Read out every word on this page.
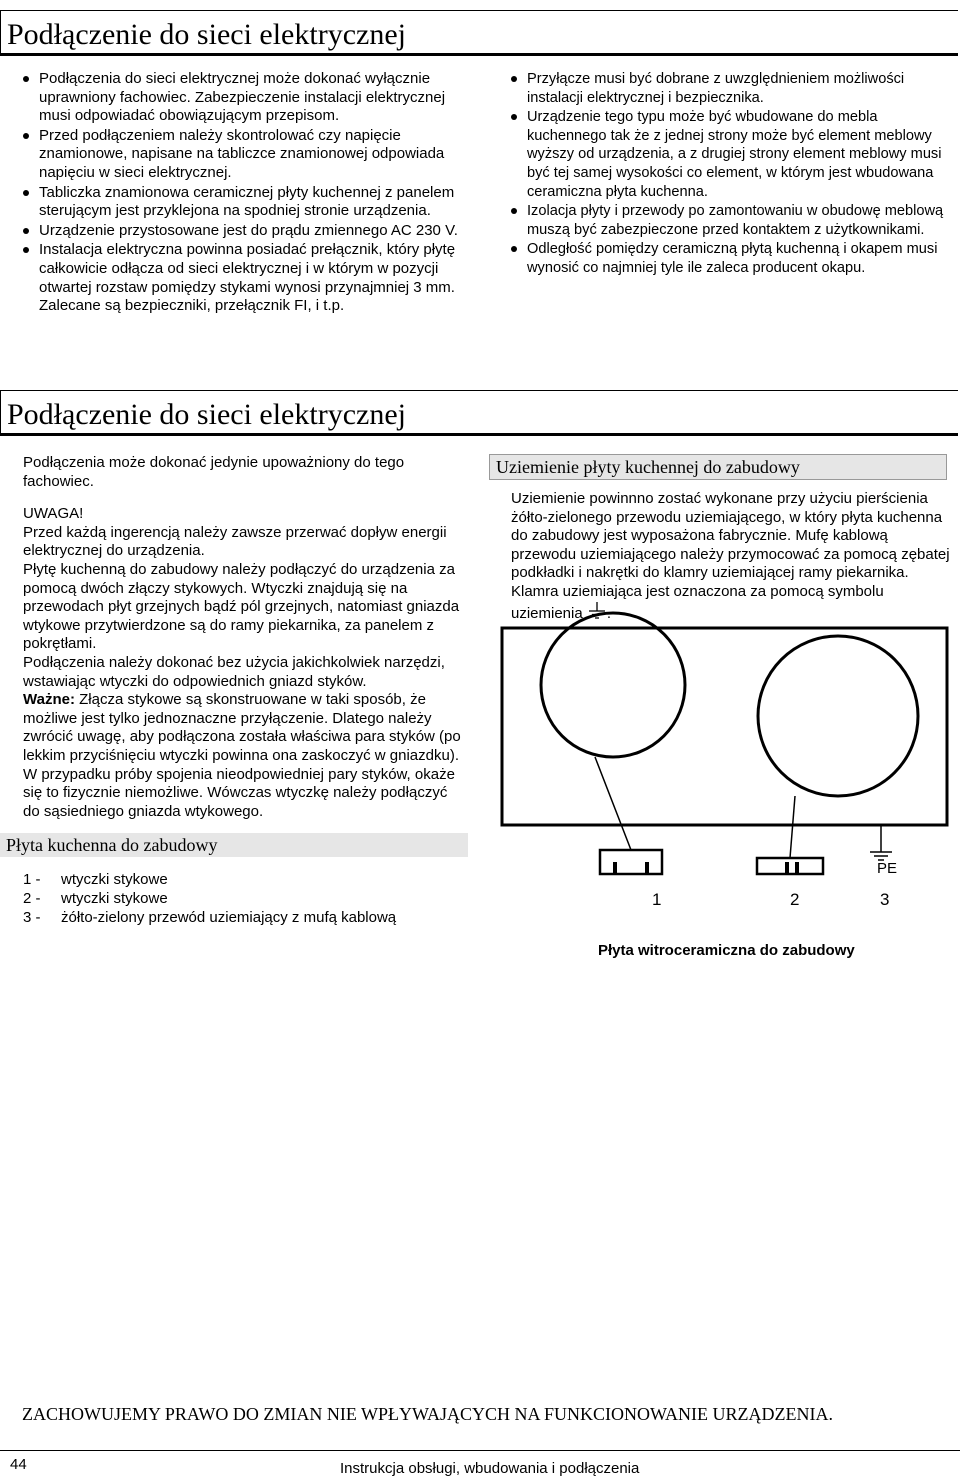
Podłączenie do sieci elektrycznej
Podłączenia do sieci elektrycznej może dokonać wyłącznie uprawniony fachowiec. Zabezpieczenie instalacji elektrycznej musi odpowiadać obowiązującym przepisom.
Przed podłączeniem należy skontrolować czy napięcie znamionowe, napisane na tabliczce znamionowej odpowiada napięciu w sieci elektrycznej.
Tabliczka znamionowa ceramicznej płyty kuchennej z panelem sterującym jest przyklejona na spodniej stronie urządzenia.
Urządzenie przystosowane jest do prądu zmiennego AC 230 V.
Instalacja elektryczna powinna posiadać prełącznik, który płytę całkowicie odłącza od sieci elektrycznej i w którym w pozycji otwartej rozstaw pomiędzy stykami wynosi przynajmniej 3 mm. Zalecane są bezpieczniki, przełącznik FI, i t.p.
Przyłącze musi być dobrane z uwzględnieniem możliwości instalacji elektrycznej i bezpiecznika.
Urządzenie tego typu może być wbudowane do mebla kuchennego tak że z jednej strony może być element meblowy wyższy od urządzenia, a z drugiej strony element meblowy musi być tej samej wysokości co element, w którym jest wbudowana ceramiczna płyta kuchenna.
Izolacja płyty i przewody po zamontowaniu w obudowę meblową muszą być zabezpieczone przed kontaktem z użytkownikami.
Odległość pomiędzy ceramiczną płytą kuchenną i okapem musi wynosić co najmniej tyle ile zaleca producent okapu.
Podłączenie do sieci elektrycznej

Podłączenia może dokonać jedynie upoważniony do tego fachowiec.

UWAGA!

Przed każdą ingerencją należy zawsze przerwać dopływ energii elektrycznej do urządzenia.

Płytę kuchenną do zabudowy należy podłączyć do urządzenia za pomocą dwóch złączy stykowych. Wtyczki znajdują się na przewodach płyt grzejnych bądź pól grzejnych, natomiast gniazda wtykowe przytwierdzone są do ramy piekarnika, za panelem z pokrętłami.

Podłączenia należy dokonać bez użycia jakichkolwiek narzędzi, wstawiając wtyczki do odpowiednich gniazd styków.

Ważne: Złącza stykowe są skonstruowane w taki sposób, że możliwe jest tylko jednoznaczne przyłączenie. Dlatego należy zwrócić uwagę, aby podłączona została właściwa para styków (po lekkim przyciśnięciu wtyczki powinna ona zaskoczyć w gniazdku). W przypadku próby spojenia nieodpowiedniej pary styków, okaże się to fizycznie niemożliwe. Wówczas wtyczkę należy podłączyć do sąsiedniego gniazda wtykowego.

Uziemienie płyty kuchennej do zabudowy

Uziemienie powinnno zostać wykonane przy użyciu pierścienia żółto-zielonego przewodu uziemiającego, w który płyta kuchenna do zabudowy jest wyposażona fabrycznie. Mufę kablową przewodu uziemiającego należy przymocować za pomocą zębatej podkładki i nakrętki do klamry uziemiającej ramy piekarnika. Klamra uziemiająca jest oznaczona za pomocą symbolu uziemienia .

Płyta kuchenna do zabudowy
1 -	wtyczki stykowe
2 -	wtyczki stykowe
3 -	żółto-zielony przewód uziemiający z mufą kablową
PE
1	2	3
Płyta witroceramiczna do zabudowy
ZACHOWUJEMY PRAWO DO ZMIAN NIE WPŁYWAJĄCYCH NA FUNKCIONOWANIE URZĄDZENIA.
44	Instrukcja obsługi, wbudowania i podłączenia
